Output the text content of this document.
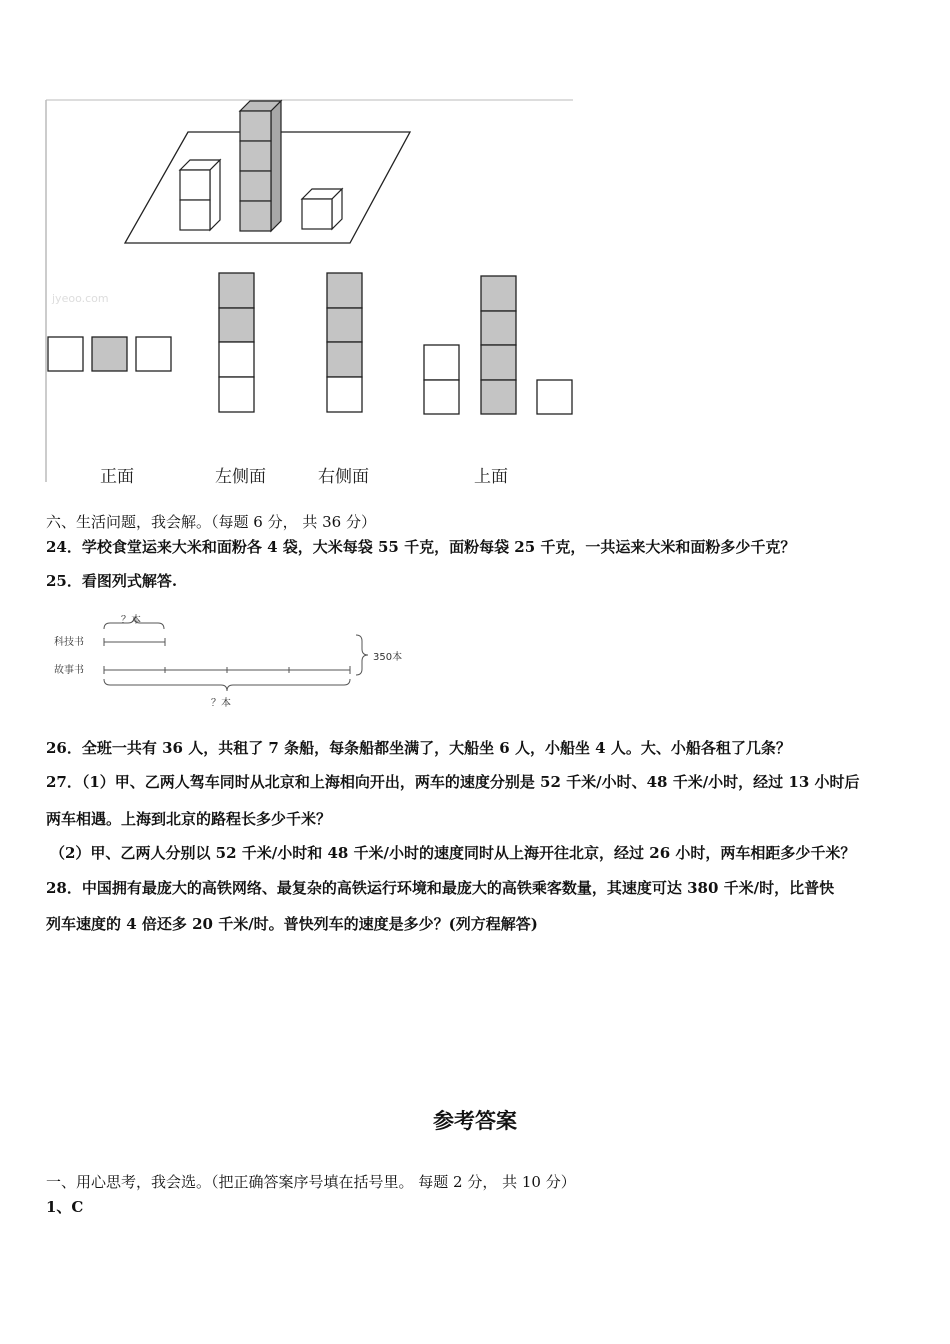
jyeoo.com
正面	左侧面	右侧面	上面
六、生活问题，我会解。（每题 6 分， 共 36 分）
24．学校食堂运来大米和面粉各 4 袋，大米每袋 55 千克，面粉每袋 25 千克，一共运来大米和面粉多少千克？
25．看图列式解答.
？本
科技书
故事书
350本
？本
26．全班一共有 36 人，共租了 7 条船，每条船都坐满了，大船坐 6 人，小船坐 4 人。大、小船各租了几条？
27．（1）甲、乙两人驾车同时从北京和上海相向开出，两车的速度分别是 52 千米/小时、48 千米/小时，经过 13 小时后
两车相遇。上海到北京的路程长多少千米？
（2）甲、乙两人分别以 52 千米/小时和 48 千米/小时的速度同时从上海开往北京，经过 26 小时，两车相距多少千米？
28．中国拥有最庞大的高铁网络、最复杂的高铁运行环境和最庞大的高铁乘客数量，其速度可达 380 千米/时，比普快
列车速度的 4 倍还多 20 千米/时。普快列车的速度是多少？(列方程解答)
参考答案
一、用心思考，我会选。（把正确答案序号填在括号里。 每题 2 分， 共 10 分）
1、C
